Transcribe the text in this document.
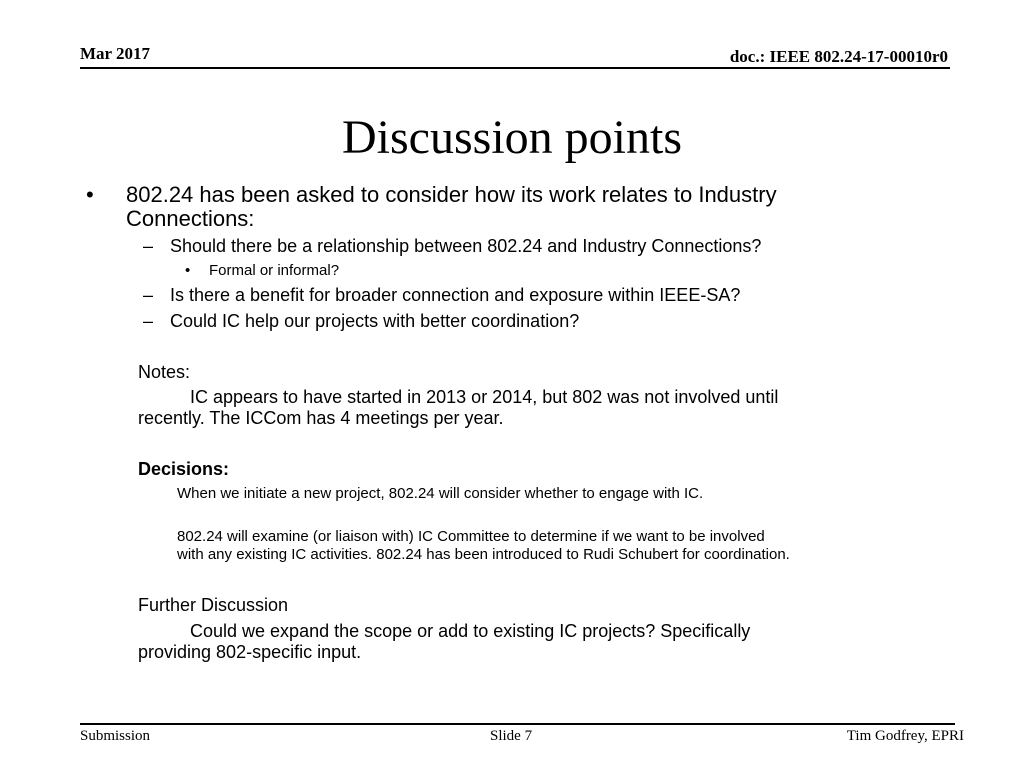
Mar 2017	doc.: IEEE 802.24-17-00010r0
Discussion points
• 802.24 has been asked to consider how its work relates to Industry
Connections:
– Should there be a relationship between 802.24 and Industry Connections?
• Formal or informal?
– Is there a benefit for broader connection and exposure within IEEE-SA?
– Could IC help our projects with better coordination?
Notes:
IC appears to have started in 2013 or 2014, but 802 was not involved until
recently. The ICCom has 4 meetings per year.
Decisions:
When we initiate a new project, 802.24 will consider whether to engage with IC.
802.24 will examine (or liaison with) IC Committee to determine if we want to be involved
with any existing IC activities. 802.24 has been introduced to Rudi Schubert for coordination.
Further Discussion
Could we expand the scope or add to existing IC projects? Specifically
providing 802-specific input.
Submission	Slide 7	Tim Godfrey, EPRI
